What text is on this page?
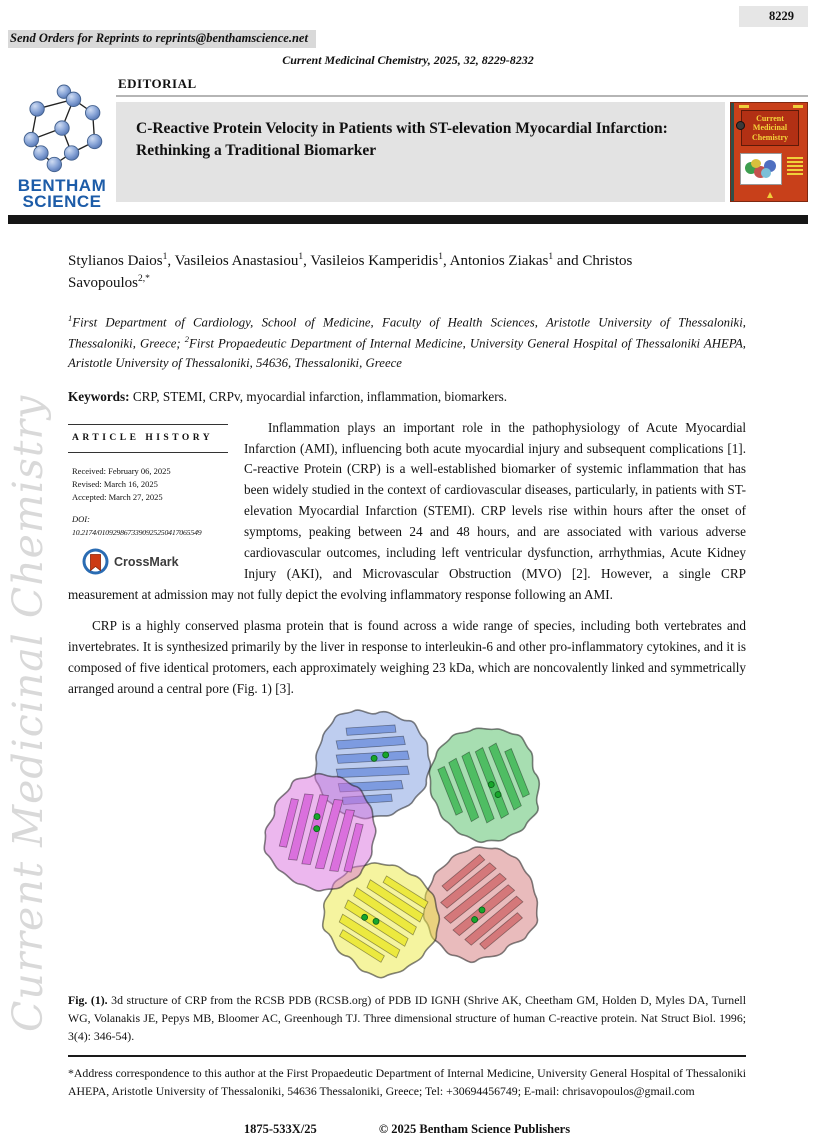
Current Medicinal Chemistry
8229
Send Orders for Reprints to reprints@benthamscience.net
Current Medicinal Chemistry, 2025, 32, 8229-8232
BENTHAM
SCIENCE
EDITORIAL
C-Reactive Protein Velocity in Patients with ST-elevation Myocardial Infarction: Rethinking a Traditional Biomarker
Current Medicinal Chemistry
Stylianos Daios$^1$, Vasileios Anastasiou$^1$, Vasileios Kamperidis$^1$, Antonios Ziakas$^1$ and Christos Savopoulos$^{2,*}$
$^1$First Department of Cardiology, School of Medicine, Faculty of Health Sciences, Aristotle University of Thessaloniki, Thessaloniki, Greece; $^2$First Propaedeutic Department of Internal Medicine, University General Hospital of Thessaloniki AHEPA, Aristotle University of Thessaloniki, 54636, Thessaloniki, Greece
Keywords: CRP, STEMI, CRPv, myocardial infarction, inflammation, biomarkers.
ARTICLE HISTORY
Received: February 06, 2025
Revised: March 16, 2025
Accepted: March 27, 2025
DOI:
10.2174/0109298673390925250417065549
CrossMark

Inflammation plays an important role in the pathophysiology of Acute Myocardial Infarction (AMI), influencing both acute myocardial injury and subsequent complications [1]. C-reactive Protein (CRP) is a well-established biomarker of systemic inflammation that has been widely studied in the context of cardiovascular diseases, particularly, in patients with ST-elevation Myocardial Infarction (STEMI). CRP levels rise within hours after the onset of symptoms, peaking between 24 and 48 hours, and are associated with various adverse cardiovascular outcomes, including left ventricular dysfunction, arrhythmias, Acute Kidney Injury (AKI), and Microvascular Obstruction (MVO) [2]. However, a single CRP measurement at admission may not fully depict the evolving inflammatory response following an AMI.

CRP is a highly conserved plasma protein that is found across a wide range of species, including both vertebrates and invertebrates. It is synthesized primarily by the liver in response to interleukin-6 and other pro-inflammatory cytokines, and it is composed of five identical protomers, each approximately weighing 23 kDa, which are noncovalently linked and symmetrically arranged around a central pore (Fig. 1) [3].

Fig. (1). 3d structure of CRP from the RCSB PDB (RCSB.org) of PDB ID IGNH (Shrive AK, Cheetham GM, Holden D, Myles DA, Turnell WG, Volanakis JE, Pepys MB, Bloomer AC, Greenhough TJ. Three dimensional structure of human C-reactive protein. Nat Struct Biol. 1996; 3(4): 346-54).
*Address correspondence to this author at the First Propaedeutic Department of Internal Medicine, University General Hospital of Thessaloniki AHEPA, Aristotle University of Thessaloniki, 54636 Thessaloniki, Greece; Tel: +30694456749; E-mail: chrisavopoulos@gmail.com
1875-533X/25	© 2025 Bentham Science Publishers
